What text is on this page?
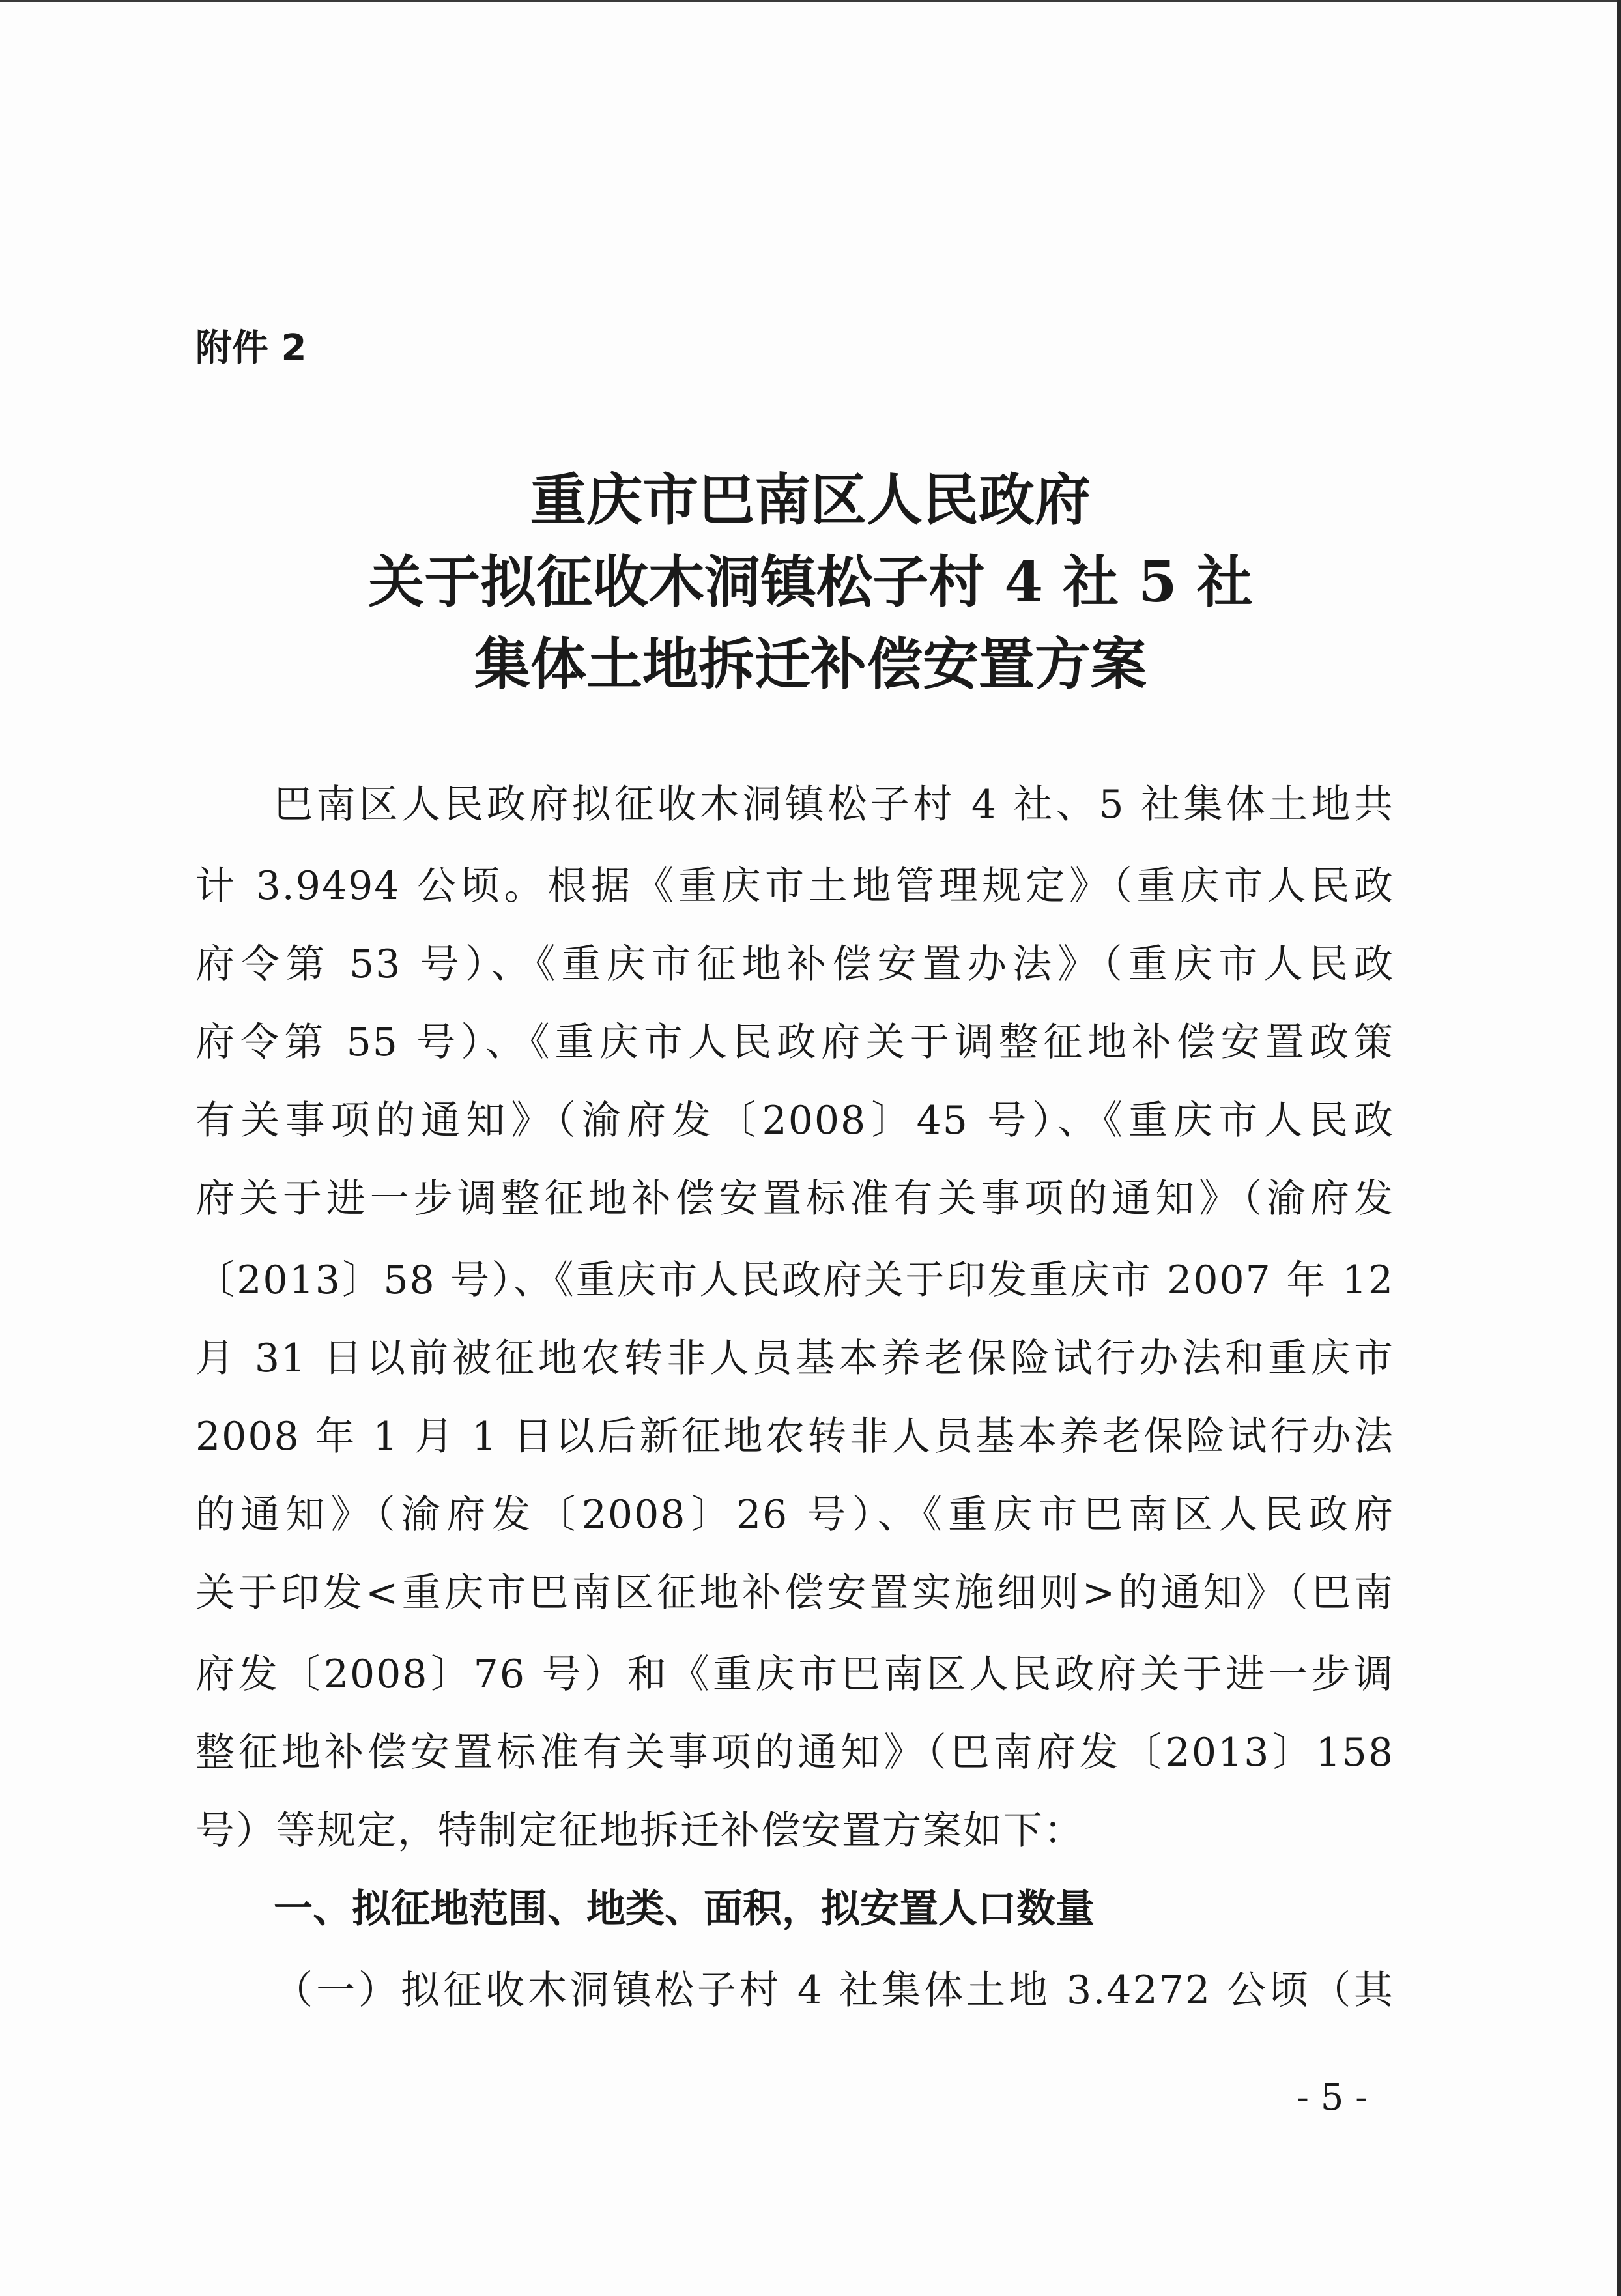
附件 2
重庆市巴南区人民政府
关于拟征收木洞镇松子村 4 社 5 社
集体土地拆迁补偿安置方案
巴南区人民政府拟征收木洞镇松子村 4 社、5 社集体土地共
计 3.9494 公顷。根据《重庆市土地管理规定》（重庆市人民政
府令第 53 号）、《重庆市征地补偿安置办法》（重庆市人民政
府令第 55 号）、《重庆市人民政府关于调整征地补偿安置政策
有关事项的通知》（渝府发〔2008〕45 号）、《重庆市人民政
府关于进一步调整征地补偿安置标准有关事项的通知》（渝府发
〔2013〕58 号）、《重庆市人民政府关于印发重庆市 2007 年 12
月 31 日以前被征地农转非人员基本养老保险试行办法和重庆市
2008 年 1 月 1 日以后新征地农转非人员基本养老保险试行办法
的通知》（渝府发〔2008〕26 号）、《重庆市巴南区人民政府
关于印发<重庆市巴南区征地补偿安置实施细则>的通知》（巴南
府发〔2008〕76 号）和《重庆市巴南区人民政府关于进一步调
整征地补偿安置标准有关事项的通知》（巴南府发〔2013〕158
号）等规定，特制定征地拆迁补偿安置方案如下：
一、拟征地范围、地类、面积，拟安置人口数量
（一）拟征收木洞镇松子村 4 社集体土地 3.4272 公顷（其
- 5 -
